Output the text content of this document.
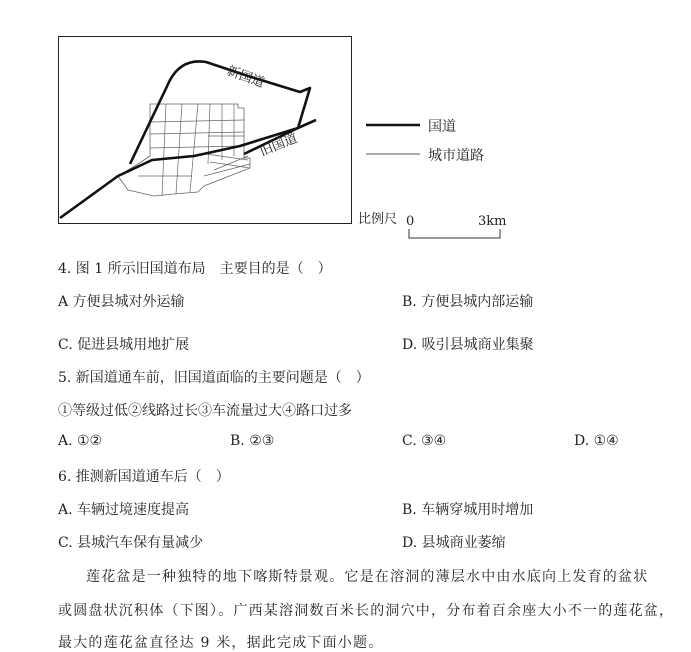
新国道
旧国道
国道
城市道路
比例尺 0	3km
4. 图 1 所示旧国道布局　主要目的是（　）
A 方便县城对外运输	B. 方便县城内部运输
C. 促进县城用地扩展	D. 吸引县城商业集聚
5. 新国道通车前，旧国道面临的主要问题是（　）
①等级过低②线路过长③车流量过大④路口过多
A. ①②	B. ②③	C. ③④	D. ①④
6. 推测新国道通车后（　）
A. 车辆过境速度提高	B. 车辆穿城用时增加
C. 县城汽车保有量减少	D. 县城商业萎缩
莲花盆是一种独特的地下喀斯特景观。它是在溶洞的薄层水中由水底向上发育的盆状
或圆盘状沉积体（下图）。广西某溶洞数百米长的洞穴中，分布着百余座大小不一的莲花盆，
最大的莲花盆直径达 9 米，据此完成下面小题。
